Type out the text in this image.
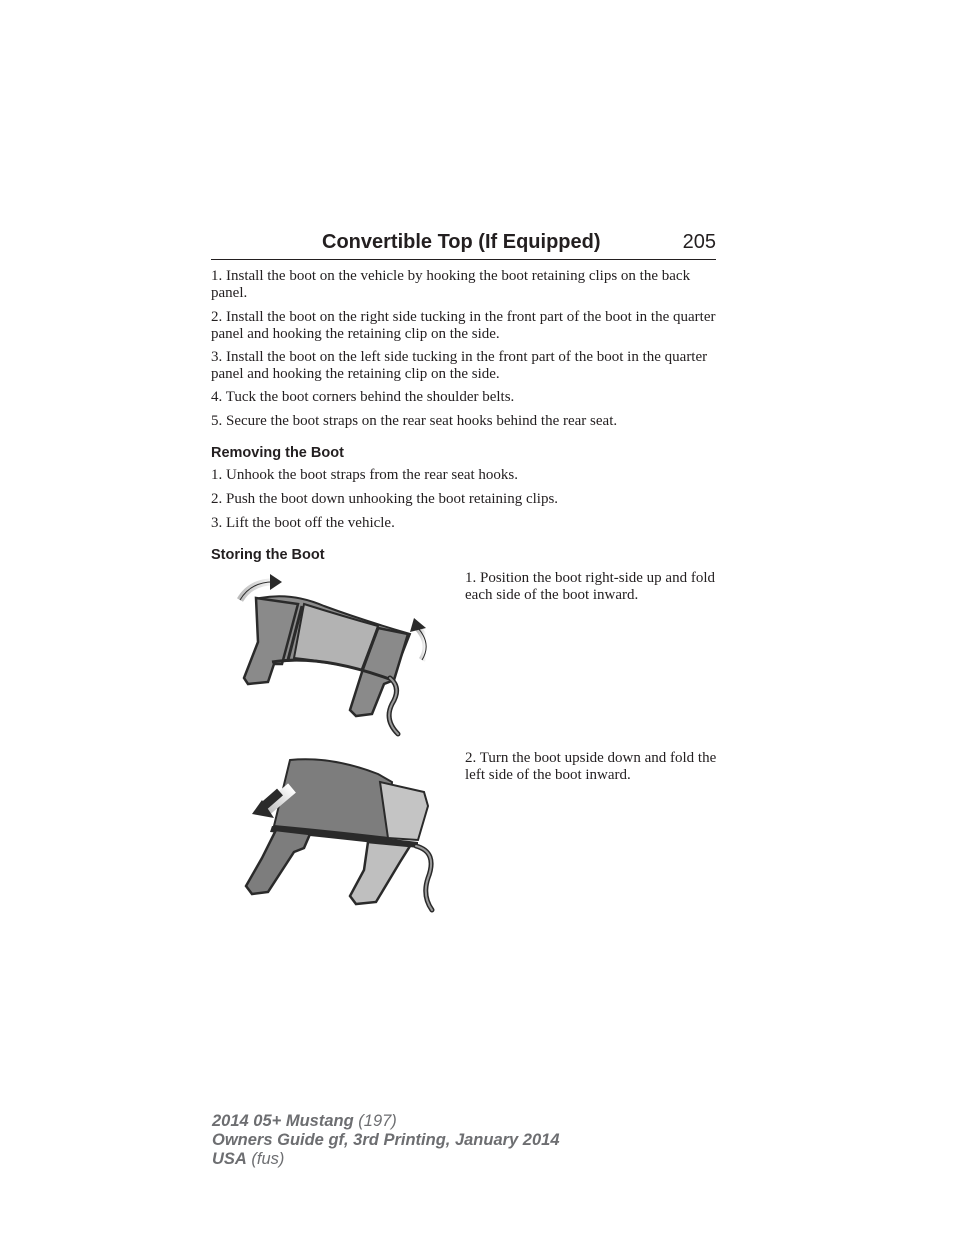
Convertible Top (If Equipped)	205
1. Install the boot on the vehicle by hooking the boot retaining clips on the back panel.
2. Install the boot on the right side tucking in the front part of the boot in the quarter panel and hooking the retaining clip on the side.
3. Install the boot on the left side tucking in the front part of the boot in the quarter panel and hooking the retaining clip on the side.
4. Tuck the boot corners behind the shoulder belts.
5. Secure the boot straps on the rear seat hooks behind the rear seat.
Removing the Boot
1. Unhook the boot straps from the rear seat hooks.
2. Push the boot down unhooking the boot retaining clips.
3. Lift the boot off the vehicle.
Storing the Boot
1. Position the boot right-side up and fold each side of the boot inward.
2. Turn the boot upside down and fold the left side of the boot inward.
2014 05+ Mustang (197)
Owners Guide gf, 3rd Printing, January 2014
USA (fus)
